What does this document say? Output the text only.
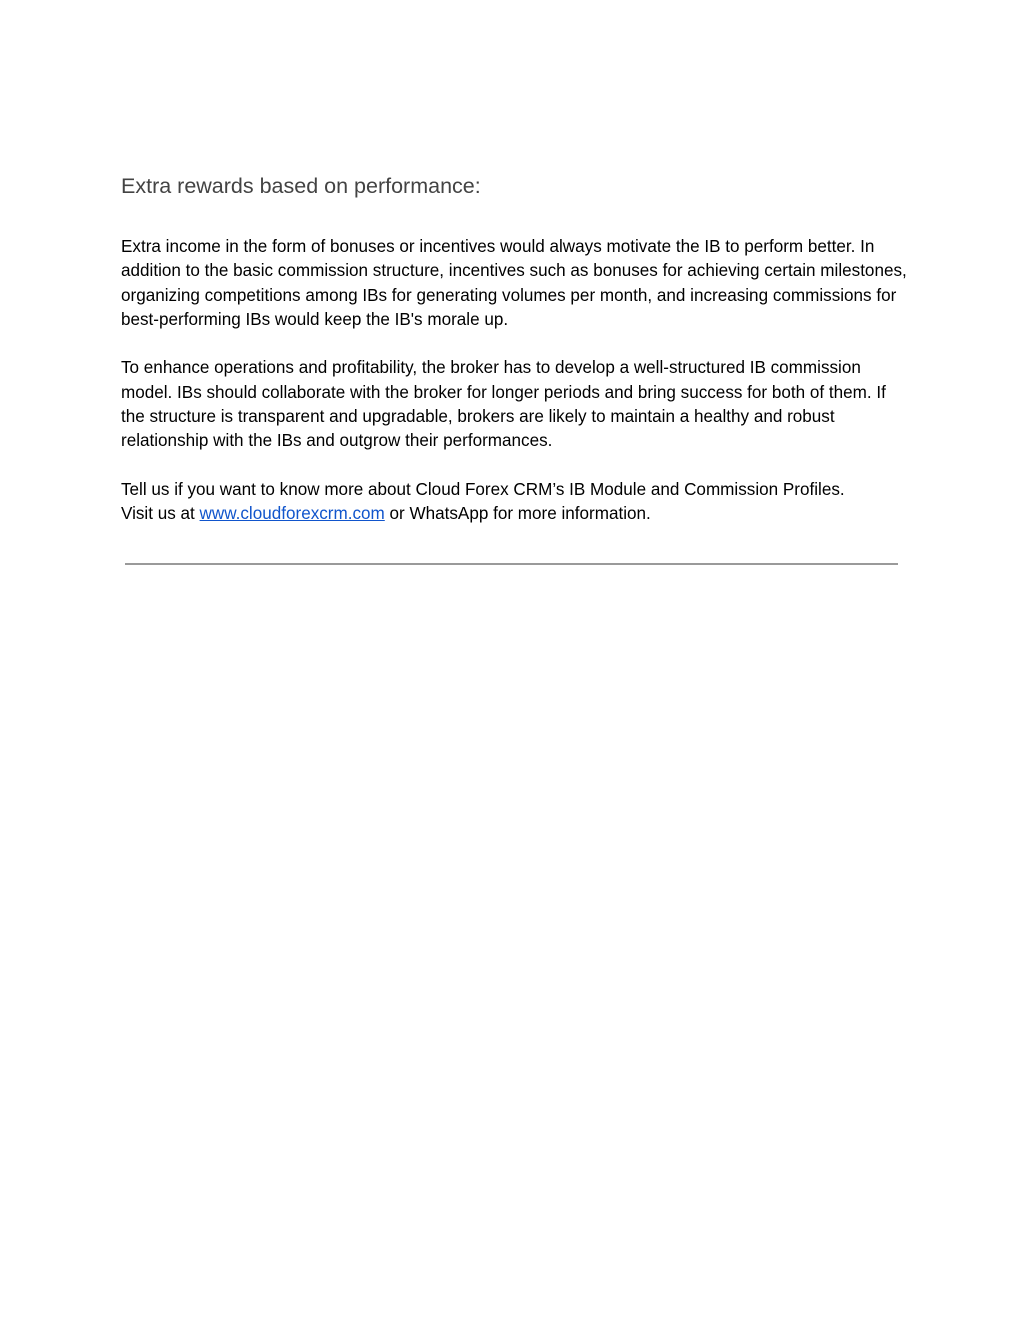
Extra rewards based on performance:

Extra income in the form of bonuses or incentives would always motivate the IB to perform better. In addition to the basic commission structure, incentives such as bonuses for achieving certain milestones, organizing competitions among IBs for generating volumes per month, and increasing commissions for best-performing IBs would keep the IB's morale up.

To enhance operations and profitability, the broker has to develop a well-structured IB commission model. IBs should collaborate with the broker for longer periods and bring success for both of them. If the structure is transparent and upgradable, brokers are likely to maintain a healthy and robust relationship with the IBs and outgrow their performances.

Tell us if you want to know more about Cloud Forex CRM’s IB Module and Commission Profiles.
Visit us at www.cloudforexcrm.com or WhatsApp for more information.
